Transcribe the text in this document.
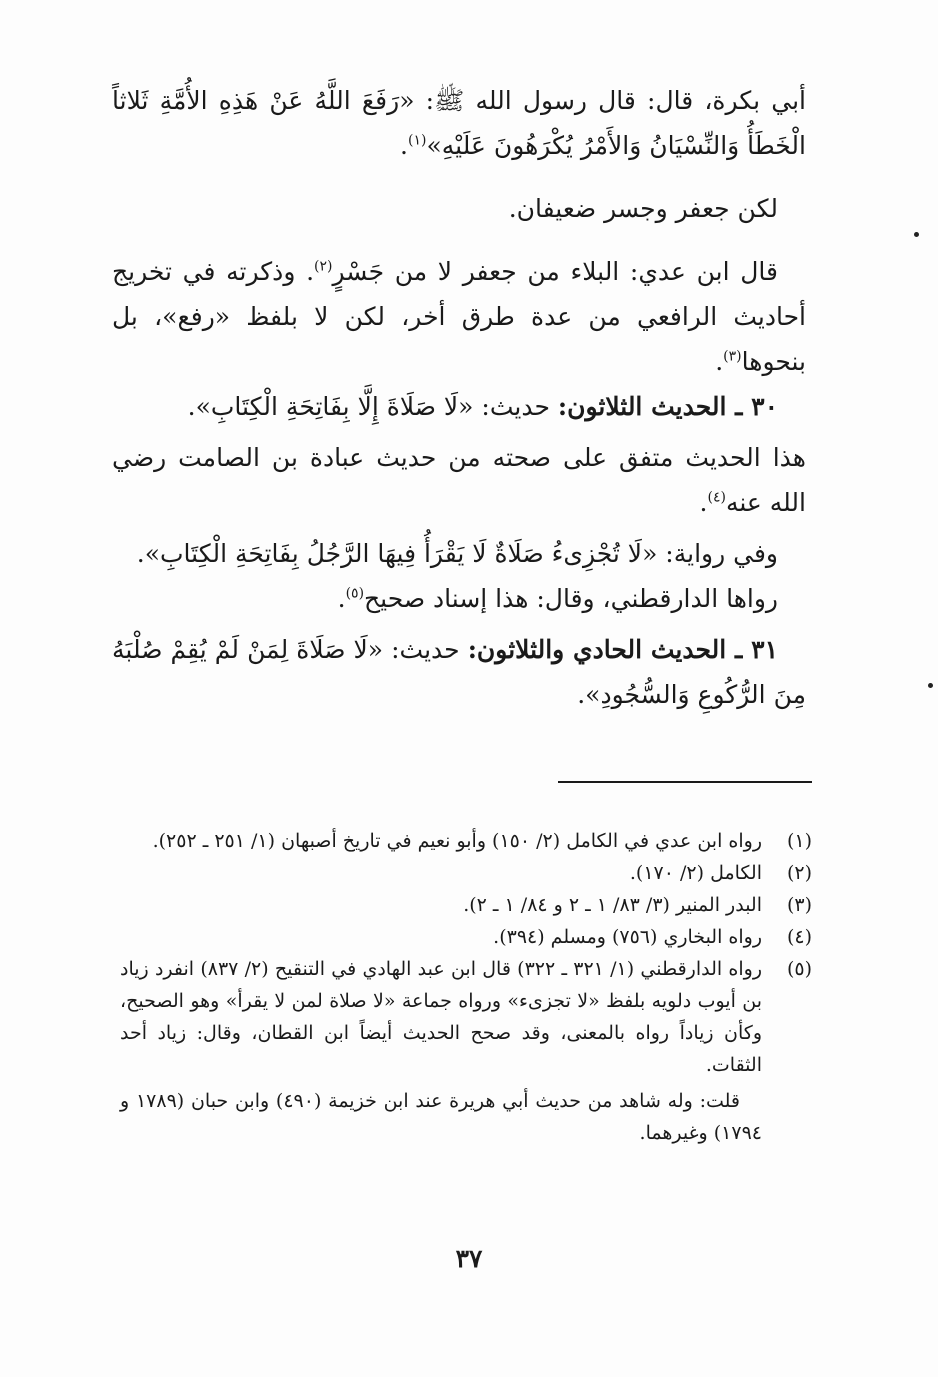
أبي بكرة، قال: قال رسول الله ﷺ: «رَفَعَ اللَّهُ عَنْ هَذِهِ الأُمَّةِ ثَلاثاً الْخَطَأُ وَالنِّسْيَانُ وَالأَمْرُ يُكْرَهُونَ عَلَيْهِ»$^{(١)}$.

لكن جعفر وجسر ضعيفان.

قال ابن عدي: البلاء من جعفر لا من جَسْرٍ$^{(٢)}$. وذكرته في تخريج أحاديث الرافعي من عدة طرق أخر، لكن لا بلفظ «رفع»، بل بنحوها$^{(٣)}$.

٣٠ ـ الحديث الثلاثون: حديث: «لَا صَلَاةَ إِلَّا بِفَاتِحَةِ الْكِتَابِ».

هذا الحديث متفق على صحته من حديث عبادة بن الصامت رضي الله عنه$^{(٤)}$.

وفي رواية: «لَا تُجْزِىءُ صَلَاةٌ لَا يَقْرَأُ فِيهَا الرَّجُلُ بِفَاتِحَةِ الْكِتَابِ».

رواها الدارقطني، وقال: هذا إسناد صحيح$^{(٥)}$.

٣١ ـ الحديث الحادي والثلاثون: حديث: «لَا صَلَاةَ لِمَنْ لَمْ يُقِمْ صُلْبَهُ مِنَ الرُّكُوعِ وَالسُّجُودِ».

(١)
رواه ابن عدي في الكامل (٢/ ١٥٠) وأبو نعيم في تاريخ أصبهان (١/ ٢٥١ ـ ٢٥٢).
(٢)
الكامل (٢/ ١٧٠).
(٣)
البدر المنير (٣/ ٨٣/ ١ ـ ٢ و ٨٤/ ١ ـ ٢).
(٤)
رواه البخاري (٧٥٦) ومسلم (٣٩٤).
(٥)
رواه الدارقطني (١/ ٣٢١ ـ ٣٢٢) قال ابن عبد الهادي في التنقيح (٢/ ٨٣٧) انفرد زياد بن أيوب دلويه بلفظ «لا تجزىء» ورواه جماعة «لا صلاة لمن لا يقرأ» وهو الصحيح، وكأن زياداً رواه بالمعنى، وقد صحح الحديث أيضاً ابن القطان، وقال: زياد أحد الثقات.

قلت: وله شاهد من حديث أبي هريرة عند ابن خزيمة (٤٩٠) وابن حبان (١٧٨٩ و ١٧٩٤) وغيرهما.

٣٧
